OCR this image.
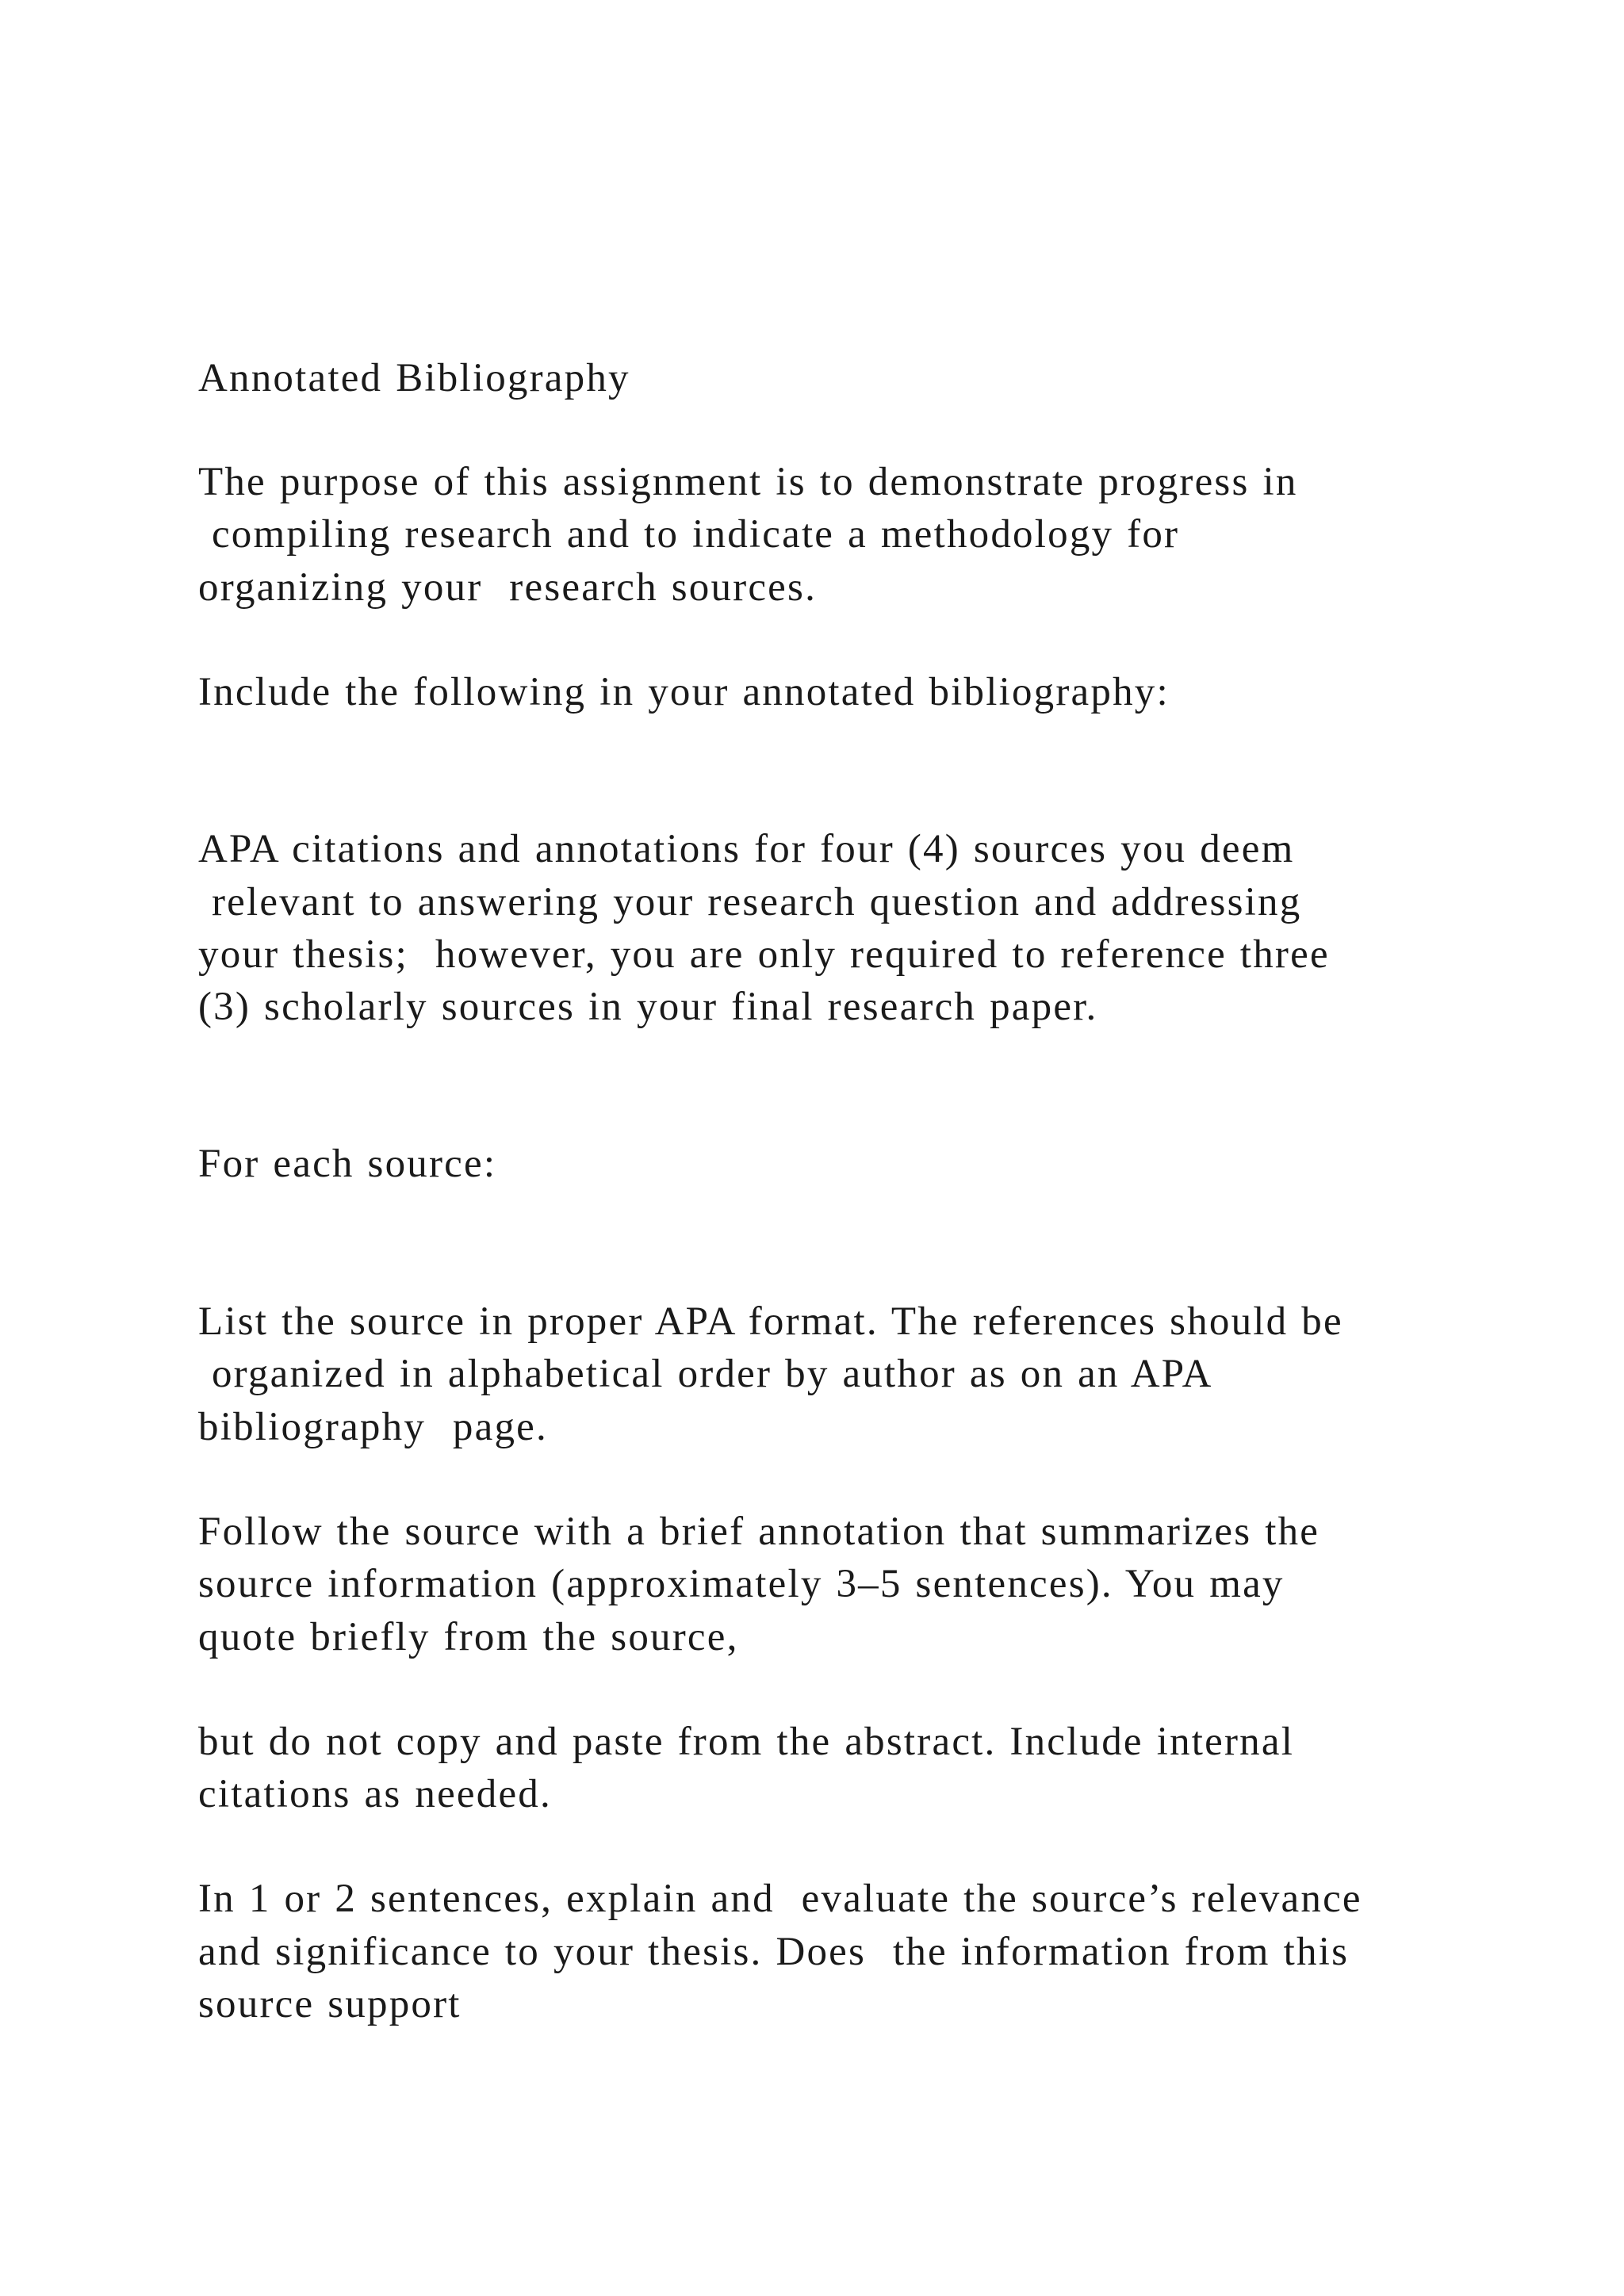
Annotated Bibliography

The purpose of this assignment is to demonstrate progress in

compiling research and to indicate a methodology for

organizing your  research sources.

Include the following in your annotated bibliography:

APA citations and annotations for four (4) sources you deem

relevant to answering your research question and addressing

your thesis;  however, you are only required to reference three

(3) scholarly sources in your final research paper.

For each source:

List the source in proper APA format. The references should be

organized in alphabetical order by author as on an APA

bibliography  page.

Follow the source with a brief annotation that summarizes the

source information (approximately 3–5 sentences). You may

quote briefly from the source,

but do not copy and paste from the abstract. Include internal

citations as needed.

In 1 or 2 sentences, explain and  evaluate the source’s relevance

and significance to your thesis. Does  the information from this

source support
